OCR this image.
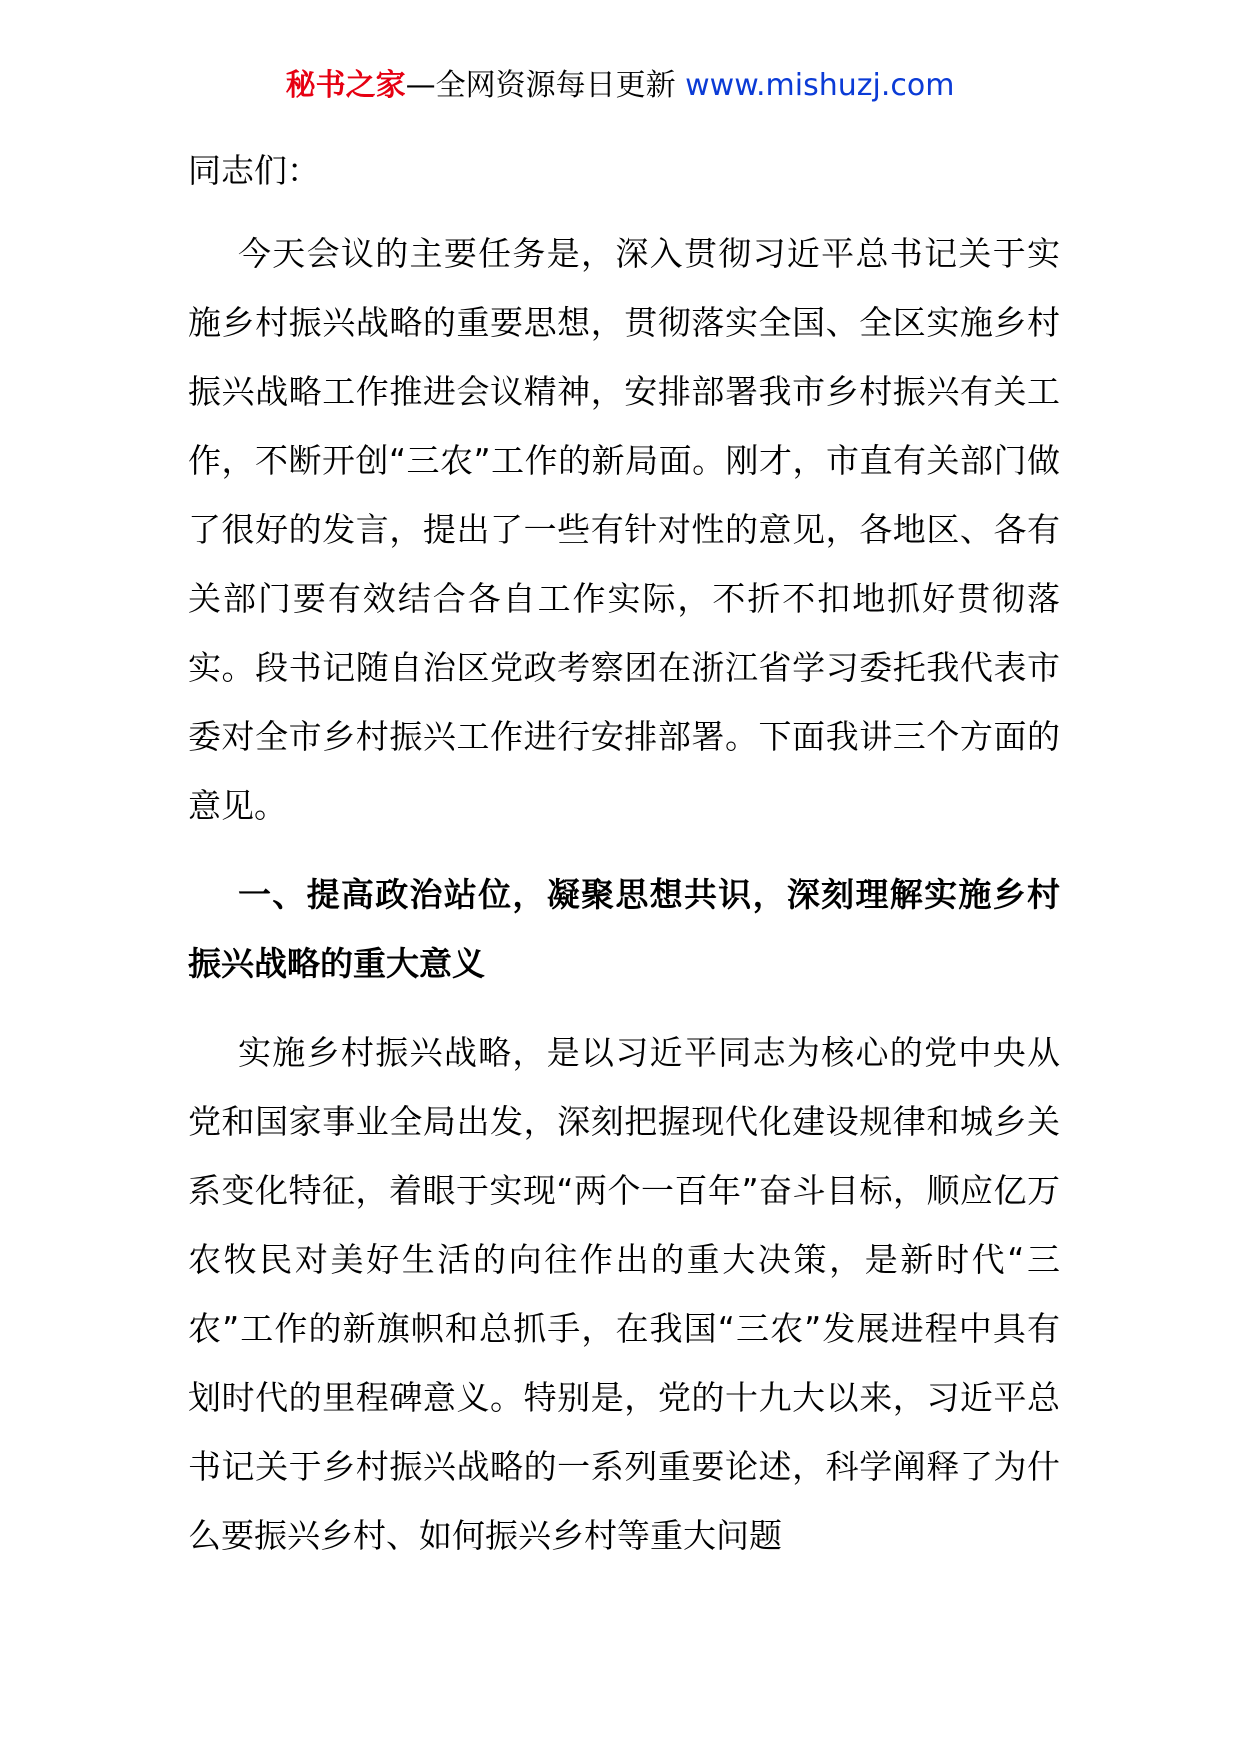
秘书之家—全网资源每日更新 www.mishuzj.com

同志们：

今天会议的主要任务是，深入贯彻习近平总书记关于实施乡村振兴战略的重要思想，贯彻落实全国、全区实施乡村振兴战略工作推进会议精神，安排部署我市乡村振兴有关工作，不断开创“三农”工作的新局面。刚才，市直有关部门做了很好的发言，提出了一些有针对性的意见，各地区、各有关部门要有效结合各自工作实际，不折不扣地抓好贯彻落实。段书记随自治区党政考察团在浙江省学习委托我代表市委对全市乡村振兴工作进行安排部署。下面我讲三个方面的意见。

一、提高政治站位，凝聚思想共识，深刻理解实施乡村振兴战略的重大意义

实施乡村振兴战略，是以习近平同志为核心的党中央从党和国家事业全局出发，深刻把握现代化建设规律和城乡关系变化特征，着眼于实现“两个一百年”奋斗目标，顺应亿万农牧民对美好生活的向往作出的重大决策，是新时代“三农”工作的新旗帜和总抓手，在我国“三农”发展进程中具有划时代的里程碑意义。特别是，党的十九大以来，习近平总书记关于乡村振兴战略的一系列重要论述，科学阐释了为什么要振兴乡村、如何振兴乡村等重大问题
